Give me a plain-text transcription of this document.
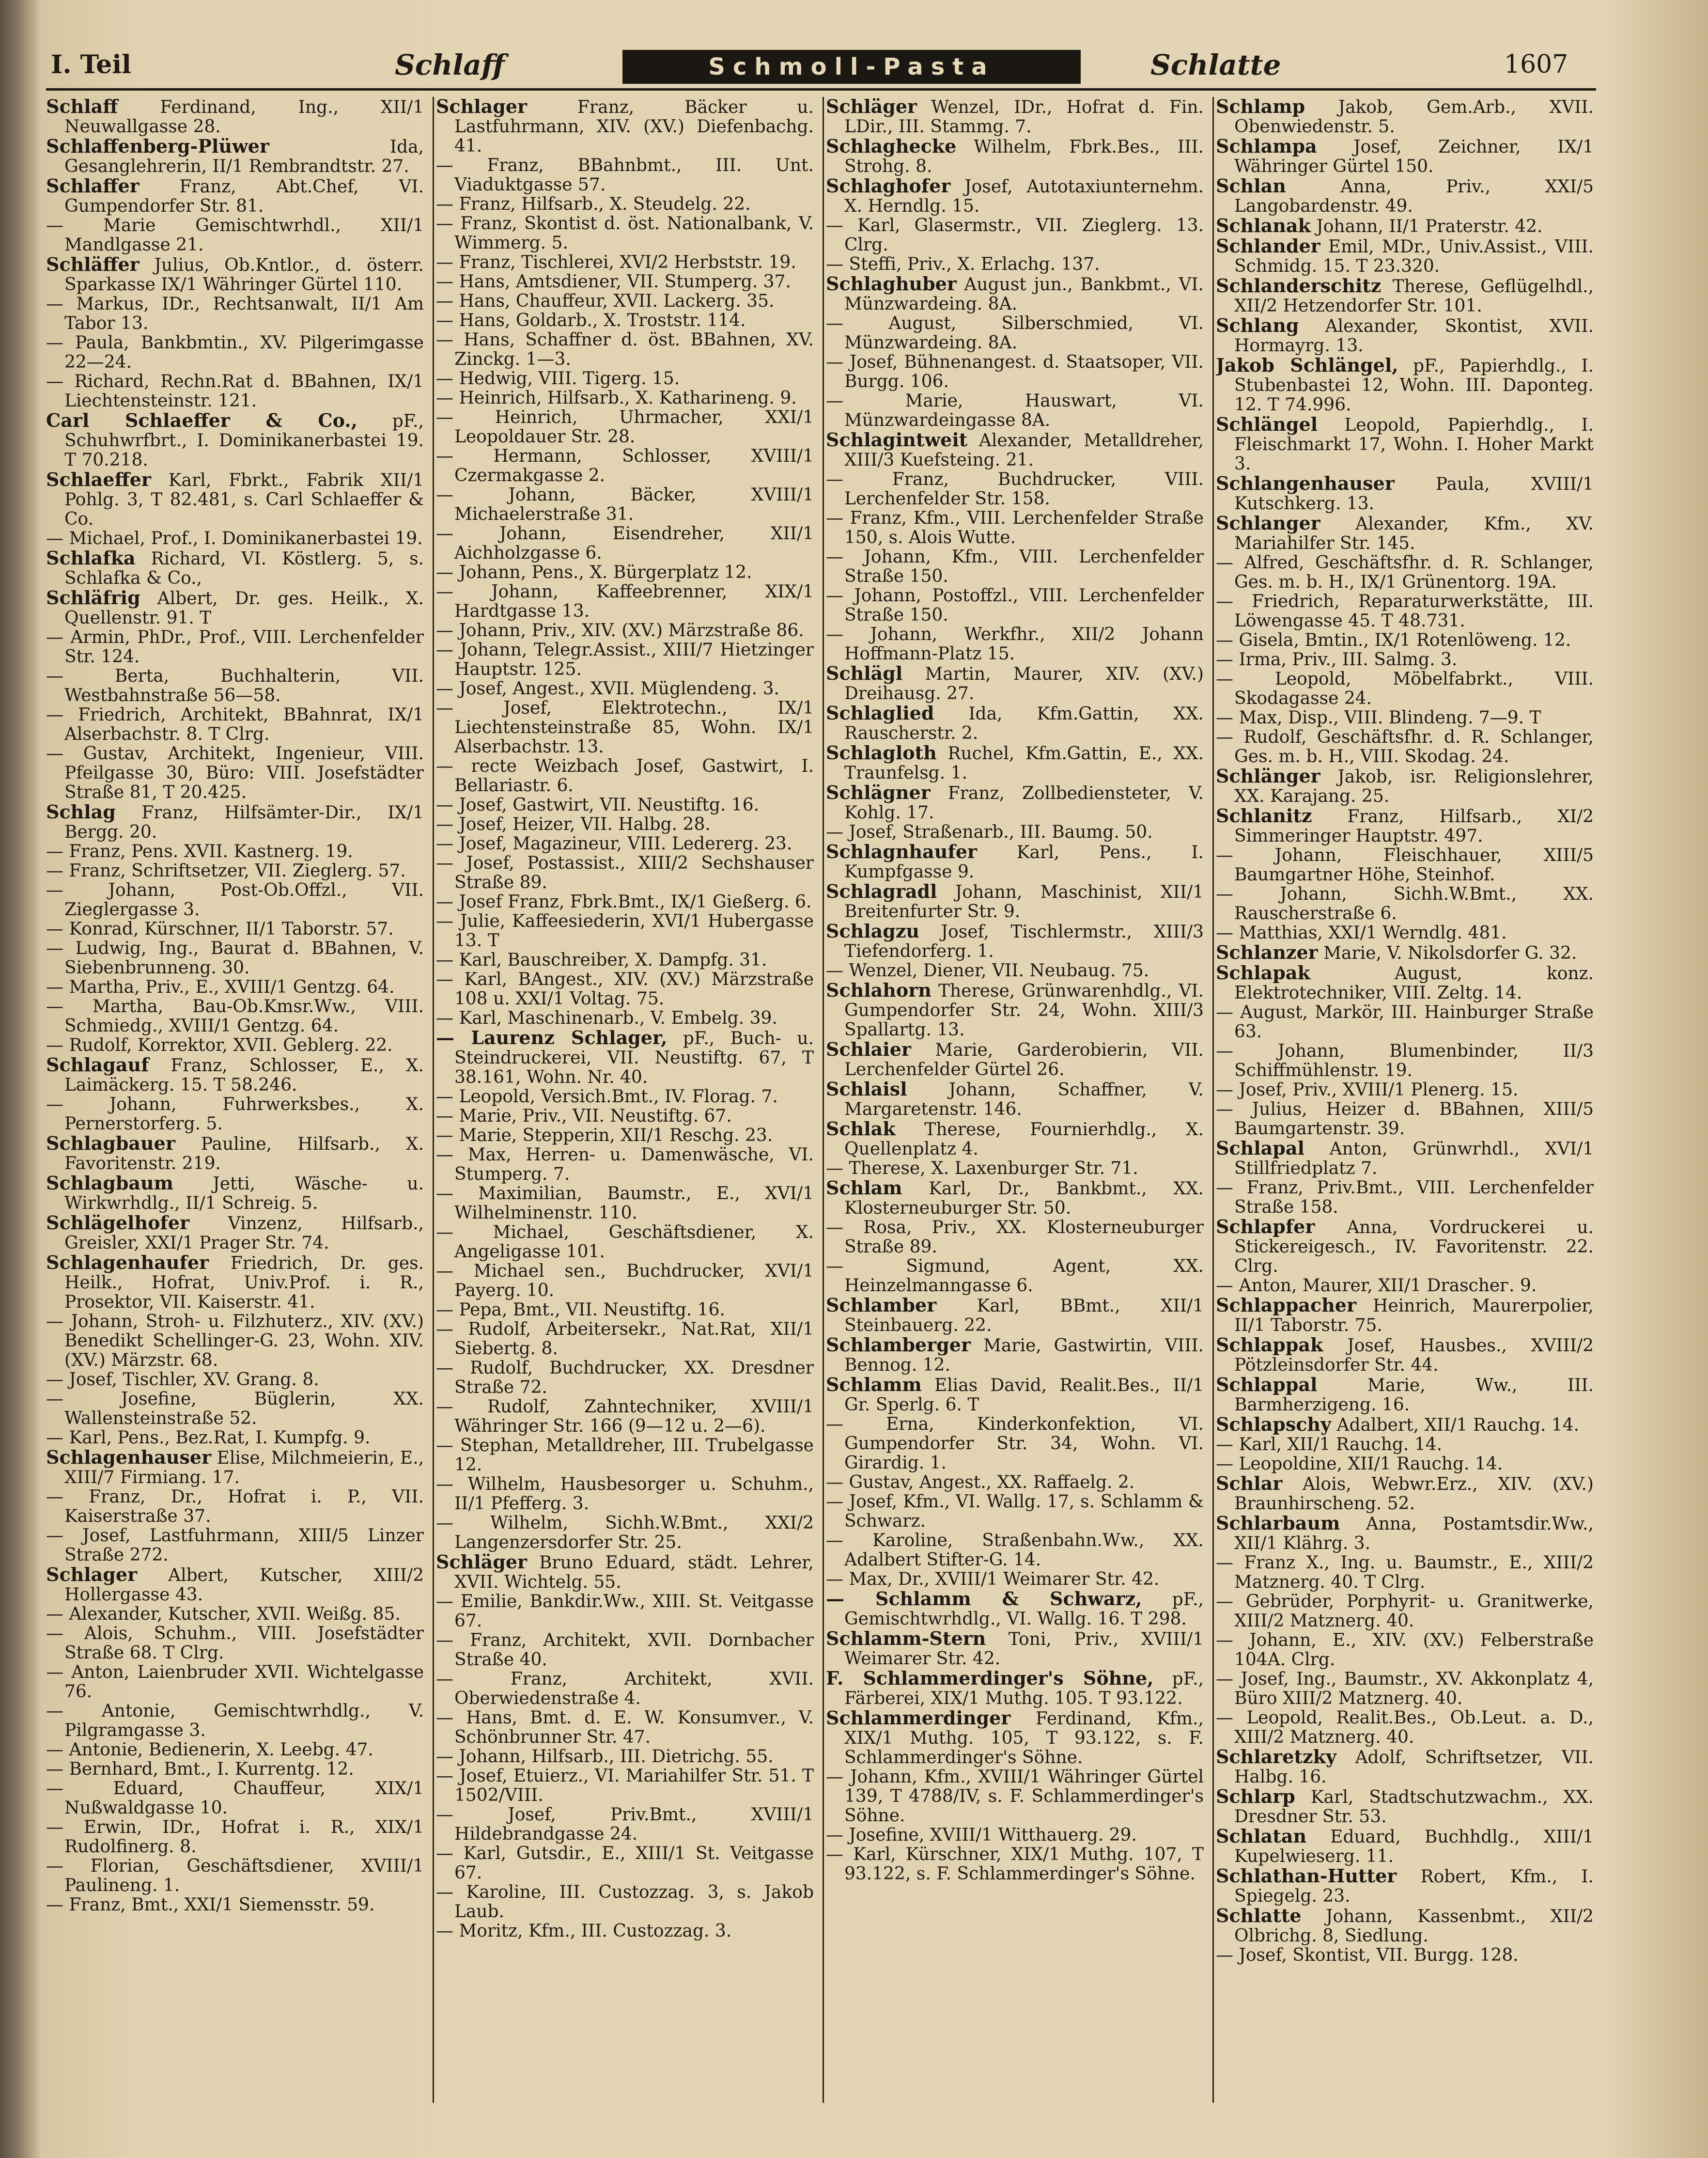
I. Teil	Schlaff	Schmoll-Pasta	Schlatte	1607
Schlaff Ferdinand, Ing., XII/1 Neuwallgasse 28.
Schlaffenberg-Plüwer	Ida, Gesanglehrerin, II/1 Rembrandtstr. 27.
Schlaffer Franz, Abt.Chef, VI. Gumpendorfer Str. 81.
— Marie Gemischtwrhdl., XII/1 Mandlgasse 21.
Schläffer Julius, Ob.Kntlor., d. österr. Sparkasse IX/1 Währinger Gürtel 110.
— Markus, IDr., Rechtsanwalt, II/1 Am Tabor 13.
— Paula, Bankbmtin., XV. Pilgerimgasse 22—24.
— Richard, Rechn.Rat d. BBahnen, IX/1 Liechtensteinstr. 121.
Carl Schlaeffer & Co., pF., Schuhwrfbrt., I. Dominikanerbastei 19. T 70.218.
Schlaeffer Karl, Fbrkt., Fabrik XII/1 Pohlg. 3, T 82.481, s. Carl Schlaeffer & Co.
— Michael, Prof., I. Dominikanerbastei 19.
Schlafka Richard, VI. Köstlerg. 5, s. Schlafka & Co.,
Schläfrig Albert, Dr. ges. Heilk., X. Quellenstr. 91. T
— Armin, PhDr., Prof., VIII. Lerchenfelder Str. 124.
— Berta, Buchhalterin, VII. Westbahnstraße 56—58.
— Friedrich, Architekt, BBahnrat, IX/1 Alserbachstr. 8. T Clrg.
— Gustav, Architekt, Ingenieur, VIII. Pfeilgasse 30, Büro: VIII. Josefstädter Straße 81, T 20.425.
Schlag Franz, Hilfsämter-Dir., IX/1 Bergg. 20.
— Franz, Pens. XVII. Kastnerg. 19.
— Franz, Schriftsetzer, VII. Zieglerg. 57.
— Johann, Post-Ob.Offzl., VII. Zieglergasse 3.
— Konrad, Kürschner, II/1 Taborstr. 57.
— Ludwig, Ing., Baurat d. BBahnen, V. Siebenbrunneng. 30.
— Martha, Priv., E., XVIII/1 Gentzg. 64.
— Martha, Bau-Ob.Kmsr.Ww., VIII. Schmiedg., XVIII/1 Gentzg. 64.
— Rudolf, Korrektor, XVII. Geblerg. 22.
Schlagauf Franz, Schlosser, E., X. Laimäckerg. 15. T 58.246.
— Johann, Fuhrwerksbes., X. Pernerstorferg. 5.
Schlagbauer Pauline, Hilfsarb., X. Favoritenstr. 219.
Schlagbaum Jetti, Wäsche- u. Wirkwrhdlg., II/1 Schreig. 5.
Schlägelhofer Vinzenz, Hilfsarb., Greisler, XXI/1 Prager Str. 74.
Schlagenhaufer Friedrich, Dr. ges. Heilk., Hofrat, Univ.Prof. i. R., Prosektor, VII. Kaiserstr. 41.
— Johann, Stroh- u. Filzhuterz., XIV. (XV.) Benedikt Schellinger-G. 23, Wohn. XIV. (XV.) Märzstr. 68.
— Josef, Tischler, XV. Grang. 8.
— Josefine, Büglerin, XX. Wallensteinstraße 52.
— Karl, Pens., Bez.Rat, I. Kumpfg. 9.
Schlagenhauser Elise, Milchmeierin, E., XIII/7 Firmiang. 17.
— Franz, Dr., Hofrat i. P., VII. Kaiserstraße 37.
— Josef, Lastfuhrmann, XIII/5 Linzer Straße 272.
Schlager Albert, Kutscher, XIII/2 Hollergasse 43.
— Alexander, Kutscher, XVII. Weißg. 85.
— Alois, Schuhm., VIII. Josefstädter Straße 68. T Clrg.
— Anton, Laienbruder XVII. Wichtelgasse 76.
— Antonie, Gemischtwrhdlg., V. Pilgramgasse 3.
— Antonie, Bedienerin, X. Leebg. 47.
— Bernhard, Bmt., I. Kurrentg. 12.
— Eduard, Chauffeur, XIX/1 Nußwaldgasse 10.
— Erwin, IDr., Hofrat i. R., XIX/1 Rudolfinerg. 8.
— Florian, Geschäftsdiener, XVIII/1 Paulineng. 1.
— Franz, Bmt., XXI/1 Siemensstr. 59.
Schlager	Franz, Bäcker u. Lastfuhrmann, XIV. (XV.) Diefenbachg. 41.
— Franz, BBahnbmt., III. Unt. Viaduktgasse 57.
— Franz, Hilfsarb., X. Steudelg. 22.
— Franz, Skontist d. öst. Nationalbank, V. Wimmerg. 5.
— Franz, Tischlerei, XVI/2 Herbststr. 19.
— Hans, Amtsdiener, VII. Stumperg. 37.
— Hans, Chauffeur, XVII. Lackerg. 35.
— Hans, Goldarb., X. Troststr. 114.
— Hans, Schaffner d. öst. BBahnen, XV. Zinckg. 1—3.
— Hedwig, VIII. Tigerg. 15.
— Heinrich, Hilfsarb., X. Katharineng. 9.
— Heinrich, Uhrmacher, XXI/1 Leopoldauer Str. 28.
— Hermann, Schlosser, XVIII/1 Czermakgasse 2.
— Johann, Bäcker, XVIII/1 Michaelerstraße 31.
— Johann, Eisendreher, XII/1 Aichholzgasse 6.
— Johann, Pens., X. Bürgerplatz 12.
— Johann, Kaffeebrenner, XIX/1 Hardtgasse 13.
— Johann, Priv., XIV. (XV.) Märzstraße 86.
— Johann, Telegr.Assist., XIII/7 Hietzinger Hauptstr. 125.
— Josef, Angest., XVII. Müglendeng. 3.
— Josef, Elektrotechn., IX/1 Liechtensteinstraße 85, Wohn. IX/1 Alserbachstr. 13.
— recte Weizbach Josef, Gastwirt, I. Bellariastr. 6.
— Josef, Gastwirt, VII. Neustiftg. 16.
— Josef, Heizer, VII. Halbg. 28.
— Josef, Magazineur, VIII. Ledererg. 23.
— Josef, Postassist., XIII/2 Sechshauser Straße 89.
— Josef Franz, Fbrk.Bmt., IX/1 Gießerg. 6.
— Julie, Kaffeesiederin, XVI/1 Hubergasse 13. T
— Karl, Bauschreiber, X. Dampfg. 31.
— Karl, BAngest., XIV. (XV.) Märzstraße 108 u. XXI/1 Voltag. 75.
— Karl, Maschinenarb., V. Embelg. 39.
— Laurenz Schlager, pF., Buch- u. Steindruckerei, VII. Neustiftg. 67, T 38.161, Wohn. Nr. 40.
— Leopold, Versich.Bmt., IV. Florag. 7.
— Marie, Priv., VII. Neustiftg. 67.
— Marie, Stepperin, XII/1 Reschg. 23.
— Max, Herren- u. Damenwäsche, VI. Stumperg. 7.
— Maximilian, Baumstr., E., XVI/1 Wilhelminenstr. 110.
— Michael, Geschäftsdiener, X. Angeligasse 101.
— Michael sen., Buchdrucker, XVI/1 Payerg. 10.
— Pepa, Bmt., VII. Neustiftg. 16.
— Rudolf, Arbeitersekr., Nat.Rat, XII/1 Siebertg. 8.
— Rudolf, Buchdrucker, XX. Dresdner Straße 72.
— Rudolf, Zahntechniker, XVIII/1 Währinger Str. 166 (9—12 u. 2—6).
— Stephan, Metalldreher, III. Trubelgasse 12.
— Wilhelm, Hausbesorger u. Schuhm., II/1 Pfefferg. 3.
— Wilhelm, Sichh.W.Bmt., XXI/2 Langenzersdorfer Str. 25.
Schläger Bruno Eduard, städt. Lehrer, XVII. Wichtelg. 55.
— Emilie, Bankdir.Ww., XIII. St. Veitgasse 67.
— Franz, Architekt, XVII. Dornbacher Straße 40.
— Franz, Architekt, XVII. Oberwiedenstraße 4.
— Hans, Bmt. d. E. W. Konsumver., V. Schönbrunner Str. 47.
— Johann, Hilfsarb., III. Dietrichg. 55.
— Josef, Etuierz., VI. Mariahilfer Str. 51. T 1502/VIII.
— Josef, Priv.Bmt., XVIII/1 Hildebrandgasse 24.
— Karl, Gutsdir., E., XIII/1 St. Veitgasse 67.
— Karoline, III. Custozzag. 3, s. Jakob Laub.
— Moritz, Kfm., III. Custozzag. 3.
Schläger Wenzel, IDr., Hofrat d. Fin. LDir., III. Stammg. 7.
Schlaghecke Wilhelm, Fbrk.Bes., III. Strohg. 8.
Schlaghofer Josef, Autotaxiunternehm. X. Herndlg. 15.
— Karl, Glasermstr., VII. Zieglerg. 13. Clrg.
— Steffi, Priv., X. Erlachg. 137.
Schlaghuber August jun., Bankbmt., VI. Münzwardeing. 8A.
— August, Silberschmied, VI. Münzwardeing. 8A.
— Josef, Bühnenangest. d. Staatsoper, VII. Burgg. 106.
— Marie, Hauswart, VI. Münzwardeingasse 8A.
Schlagintweit Alexander, Metalldreher, XIII/3 Kuefsteing. 21.
— Franz, Buchdrucker, VIII. Lerchenfelder Str. 158.
— Franz, Kfm., VIII. Lerchenfelder Straße 150, s. Alois Wutte.
— Johann, Kfm., VIII. Lerchenfelder Straße 150.
— Johann, Postoffzl., VIII. Lerchenfelder Straße 150.
— Johann, Werkfhr., XII/2 Johann Hoffmann-Platz 15.
Schlägl Martin, Maurer, XIV. (XV.) Dreihausg. 27.
Schlaglied Ida, Kfm.Gattin, XX. Rauscherstr. 2.
Schlagloth Ruchel, Kfm.Gattin, E., XX. Traunfelsg. 1.
Schlägner Franz, Zollbediensteter, V. Kohlg. 17.
— Josef, Straßenarb., III. Baumg. 50.
Schlagnhaufer Karl, Pens., I. Kumpfgasse 9.
Schlagradl Johann, Maschinist, XII/1 Breitenfurter Str. 9.
Schlagzu Josef, Tischlermstr., XIII/3 Tiefendorferg. 1.
— Wenzel, Diener, VII. Neubaug. 75.
Schlahorn Therese, Grünwarenhdlg., VI. Gumpendorfer Str. 24, Wohn. XIII/3 Spallartg. 13.
Schlaier Marie, Garderobierin, VII. Lerchenfelder Gürtel 26.
Schlaisl Johann, Schaffner, V. Margaretenstr. 146.
Schlak Therese, Fournierhdlg., X. Quellenplatz 4.
— Therese, X. Laxenburger Str. 71.
Schlam Karl, Dr., Bankbmt., XX. Klosterneuburger Str. 50.
— Rosa, Priv., XX. Klosterneuburger Straße 89.
— Sigmund, Agent, XX. Heinzelmanngasse 6.
Schlamber Karl, BBmt., XII/1 Steinbauerg. 22.
Schlamberger Marie, Gastwirtin, VIII. Bennog. 12.
Schlamm Elias David, Realit.Bes., II/1 Gr. Sperlg. 6. T
— Erna, Kinderkonfektion, VI. Gumpendorfer Str. 34, Wohn. VI. Girardig. 1.
— Gustav, Angest., XX. Raffaelg. 2.
— Josef, Kfm., VI. Wallg. 17, s. Schlamm & Schwarz.
— Karoline, Straßenbahn.Ww., XX. Adalbert Stifter-G. 14.
— Max, Dr., XVIII/1 Weimarer Str. 42.
— Schlamm & Schwarz, pF., Gemischtwrhdlg., VI. Wallg. 16. T 298.
Schlamm-Stern Toni, Priv., XVIII/1 Weimarer Str. 42.
F. Schlammerdinger's Söhne, pF., Färberei, XIX/1 Muthg. 105. T 93.122.
Schlammerdinger Ferdinand, Kfm., XIX/1 Muthg. 105, T 93.122, s. F. Schlammerdinger's Söhne.
— Johann, Kfm., XVIII/1 Währinger Gürtel 139, T 4788/IV, s. F. Schlammerdinger's Söhne.
— Josefine, XVIII/1 Witthauerg. 29.
— Karl, Kürschner, XIX/1 Muthg. 107, T 93.122, s. F. Schlammerdinger's Söhne.
Schlamp Jakob, Gem.Arb., XVII. Obenwiedenstr. 5.
Schlampa Josef, Zeichner, IX/1 Währinger Gürtel 150.
Schlan	Anna, Priv., XXI/5 Langobardenstr. 49.
Schlanak Johann, II/1 Praterstr. 42.
Schlander Emil, MDr., Univ.Assist., VIII. Schmidg. 15. T 23.320.
Schlanderschitz Therese, Geflügelhdl., XII/2 Hetzendorfer Str. 101.
Schlang Alexander, Skontist, XVII. Hormayrg. 13.
Jakob Schlängel, pF., Papierhdlg., I. Stubenbastei 12, Wohn. III. Daponteg. 12. T 74.996.
Schlängel Leopold, Papierhdlg., I. Fleischmarkt 17, Wohn. I. Hoher Markt 3.
Schlangenhauser Paula, XVIII/1 Kutschkerg. 13.
Schlanger Alexander, Kfm., XV. Mariahilfer Str. 145.
— Alfred, Geschäftsfhr. d. R. Schlanger, Ges. m. b. H., IX/1 Grünentorg. 19A.
— Friedrich, Reparaturwerkstätte, III. Löwengasse 45. T 48.731.
— Gisela, Bmtin., IX/1 Rotenlöweng. 12.
— Irma, Priv., III. Salmg. 3.
— Leopold, Möbelfabrkt., VIII. Skodagasse 24.
— Max, Disp., VIII. Blindeng. 7—9. T
— Rudolf, Geschäftsfhr. d. R. Schlanger, Ges. m. b. H., VIII. Skodag. 24.
Schlänger Jakob, isr. Religionslehrer, XX. Karajang. 25.
Schlanitz Franz, Hilfsarb., XI/2 Simmeringer Hauptstr. 497.
— Johann, Fleischhauer, XIII/5 Baumgartner Höhe, Steinhof.
— Johann, Sichh.W.Bmt., XX. Rauscherstraße 6.
— Matthias, XXI/1 Werndlg. 481.
Schlanzer Marie, V. Nikolsdorfer G. 32.
Schlapak	August, konz. Elektrotechniker, VIII. Zeltg. 14.
— August, Markör, III. Hainburger Straße 63.
— Johann, Blumenbinder, II/3 Schiffmühlenstr. 19.
— Josef, Priv., XVIII/1 Plenerg. 15.
— Julius, Heizer d. BBahnen, XIII/5 Baumgartenstr. 39.
Schlapal Anton, Grünwrhdl., XVI/1 Stillfriedplatz 7.
— Franz, Priv.Bmt., VIII. Lerchenfelder Straße 158.
Schlapfer Anna, Vordruckerei u. Stickereigesch., IV. Favoritenstr. 22. Clrg.
— Anton, Maurer, XII/1 Draschег. 9.
Schlappacher Heinrich, Maurerpolier, II/1 Taborstr. 75.
Schlappak Josef, Hausbes., XVIII/2 Pötzleinsdorfer Str. 44.
Schlappal	Marie, Ww., III. Barmherzigeng. 16.
Schlapschy Adalbert, XII/1 Rauchg. 14.
— Karl, XII/1 Rauchg. 14.
— Leopoldine, XII/1 Rauchg. 14.
Schlar Alois, Webwr.Erz., XIV. (XV.) Braunhirscheng. 52.
Schlarbaum Anna, Postamtsdir.Ww., XII/1 Klährg. 3.
— Franz X., Ing. u. Baumstr., E., XIII/2 Matznerg. 40. T Clrg.
— Gebrüder, Porphyrit- u. Granitwerke, XIII/2 Matznerg. 40.
— Johann, E., XIV. (XV.) Felberstraße 104A. Clrg.
— Josef, Ing., Baumstr., XV. Akkonplatz 4, Büro XIII/2 Matznerg. 40.
— Leopold, Realit.Bes., Ob.Leut. a. D., XIII/2 Matznerg. 40.
Schlaretzky Adolf, Schriftsetzer, VII. Halbg. 16.
Schlarp Karl, Stadtschutzwachm., XX. Dresdner Str. 53.
Schlatan Eduard, Buchhdlg., XIII/1 Kupelwieserg. 11.
Schlathan-Hutter Robert, Kfm., I. Spiegelg. 23.
Schlatte Johann, Kassenbmt., XII/2 Olbrichg. 8, Siedlung.
— Josef, Skontist, VII. Burgg. 128.
